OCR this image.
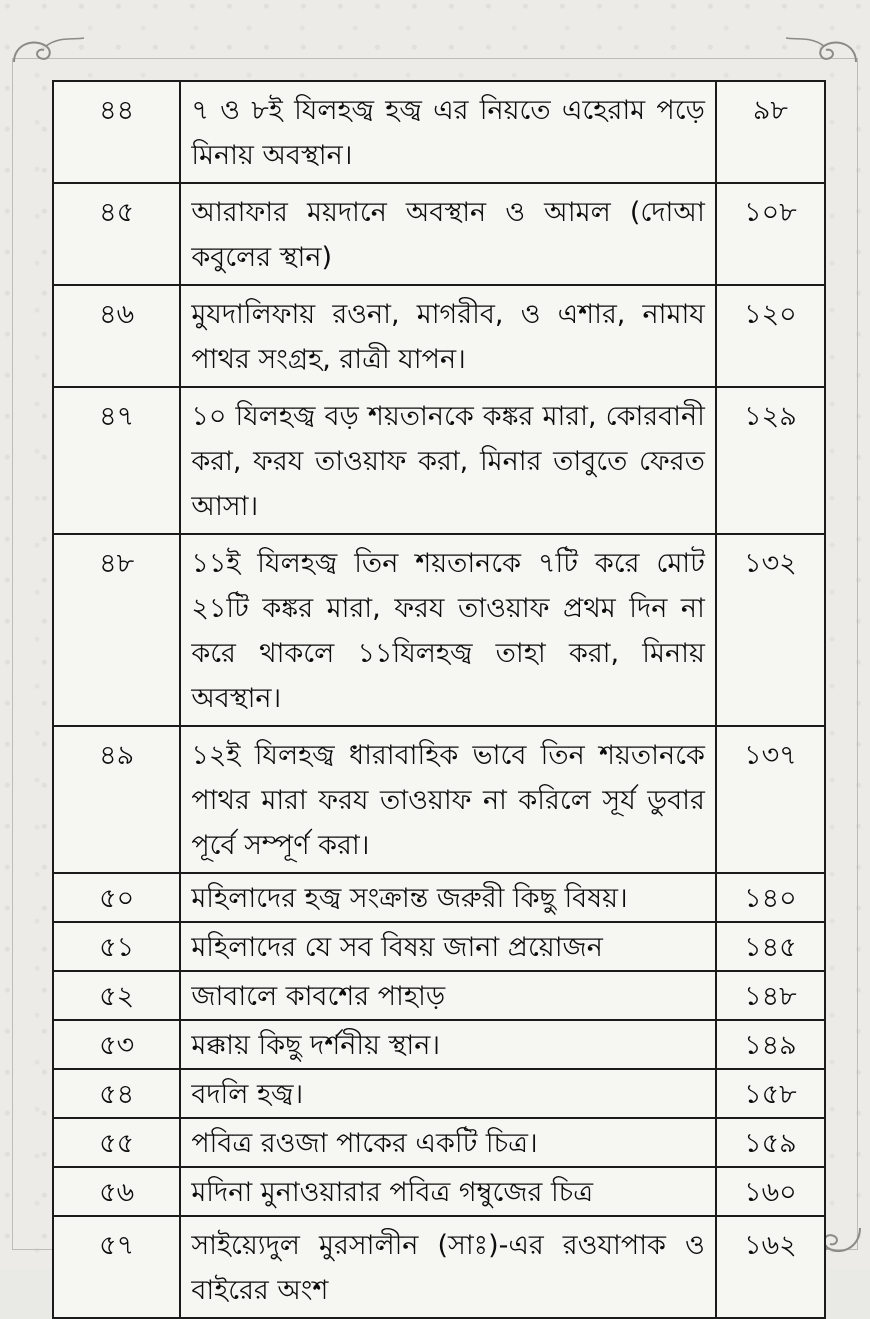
৪৪	৭ ও ৮ই যিলহজ্ব হজ্ব এর নিয়তে এহেরাম পড়ে মিনায় অবস্থান।	৯৮
৪৫	আরাফার ময়দানে অবস্থান ও আমল (দোআ কবুলের স্থান)	১০৮
৪৬	মুযদালিফায় রওনা, মাগরীব, ও এশার, নামায পাথর সংগ্রহ, রাত্রী যাপন।	১২০
৪৭	১০ যিলহজ্ব বড় শয়তানকে কঙ্কর মারা, কোরবানী করা, ফরয তাওয়াফ করা, মিনার তাবুতে ফেরত আসা।	১২৯
৪৮	১১ই যিলহজ্ব তিন শয়তানকে ৭টি করে মোট ২১টি কঙ্কর মারা, ফরয তাওয়াফ প্রথম দিন না করে থাকলে ১১যিলহজ্ব তাহা করা, মিনায় অবস্থান।	১৩২
৪৯	১২ই যিলহজ্ব ধারাবাহিক ভাবে তিন শয়তানকে পাথর মারা ফরয তাওয়াফ না করিলে সূর্য ডুবার পূর্বে সম্পূর্ণ করা।	১৩৭
৫০	মহিলাদের হজ্ব সংক্রান্ত জরুরী কিছু বিষয়।	১৪০
৫১	মহিলাদের যে সব বিষয় জানা প্রয়োজন	১৪৫
৫২	জাবালে কাবশের পাহাড়	১৪৮
৫৩	মক্কায় কিছু দর্শনীয় স্থান।	১৪৯
৫৪	বদলি হজ্ব।	১৫৮
৫৫	পবিত্র রওজা পাকের একটি চিত্র।	১৫৯
৫৬	মদিনা মুনাওয়ারার পবিত্র গম্বুজের চিত্র	১৬০
৫৭	সাইয়্যেদুল মুরসালীন (সাঃ)-এর রওযাপাক ও বাইরের অংশ	১৬২
